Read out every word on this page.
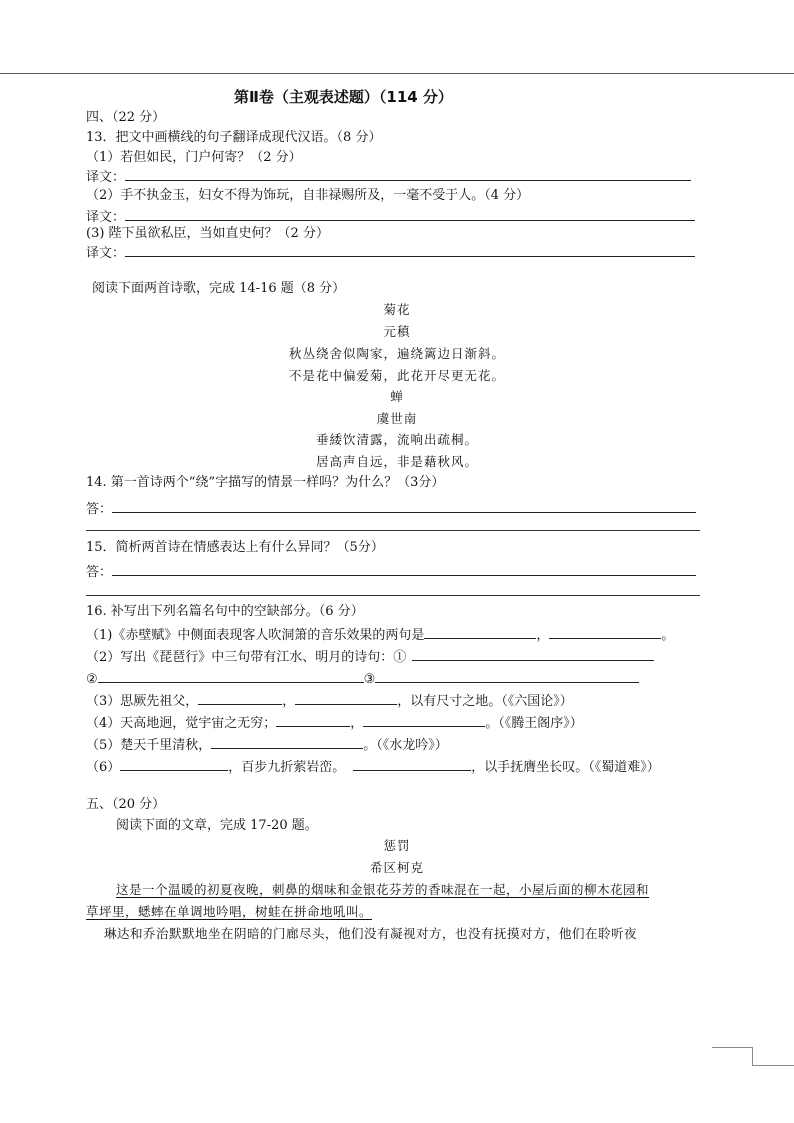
第Ⅱ卷（主观表述题）（114 分）
四、（22 分）
13．把文中画横线的句子翻译成现代汉语。（8 分）
（1）若但如民，门户何寄？（2 分）
译文：
（2）手不执金玉，妇女不得为饰玩，自非禄赐所及，一毫不受于人。（4 分）
译文：
(3) 陛下虽欲私臣，当如直史何？（2 分）
译文：
阅读下面两首诗歌，完成 14-16 题（8 分）
菊花
元稹
秋丛绕舍似陶家，遍绕篱边日渐斜。
不是花中偏爱菊，此花开尽更无花。
蝉
虞世南
垂緌饮清露，流响出疏桐。
居高声自远，非是藉秋风。
14. 第一首诗两个“绕”字描写的情景一样吗？为什么？（3分）
答：
15．简析两首诗在情感表达上有什么异同？（5分）
答：
16. 补写出下列名篇名句中的空缺部分。（6 分）
（1)《赤壁赋》中侧面表现客人吹洞箫的音乐效果的两句是	，	。
（2）写出《琵琶行》中三句带有江水、明月的诗句：①
②	③
（3）思厥先祖父，	，	，以有尺寸之地。（《六国论》）
（4）天高地迥，觉宇宙之无穷；	，	。（《腾王阁序》）
（5）楚天千里清秋，	。（《水龙吟》）
（6）	，百步九折萦岩峦。	，以手抚膺坐长叹。（《蜀道难》）
五、（20 分）
阅读下面的文章，完成 17-20 题。
惩罚
希区柯克
这是一个温暖的初夏夜晚，刺鼻的烟味和金银花芬芳的香味混在一起，小屋后面的柳木花园和
草坪里，蟋蟀在单调地吟唱，树蛙在拼命地吼叫。
琳达和乔治默默地坐在阴暗的门廊尽头，他们没有凝视对方，也没有抚摸对方，他们在聆听夜
